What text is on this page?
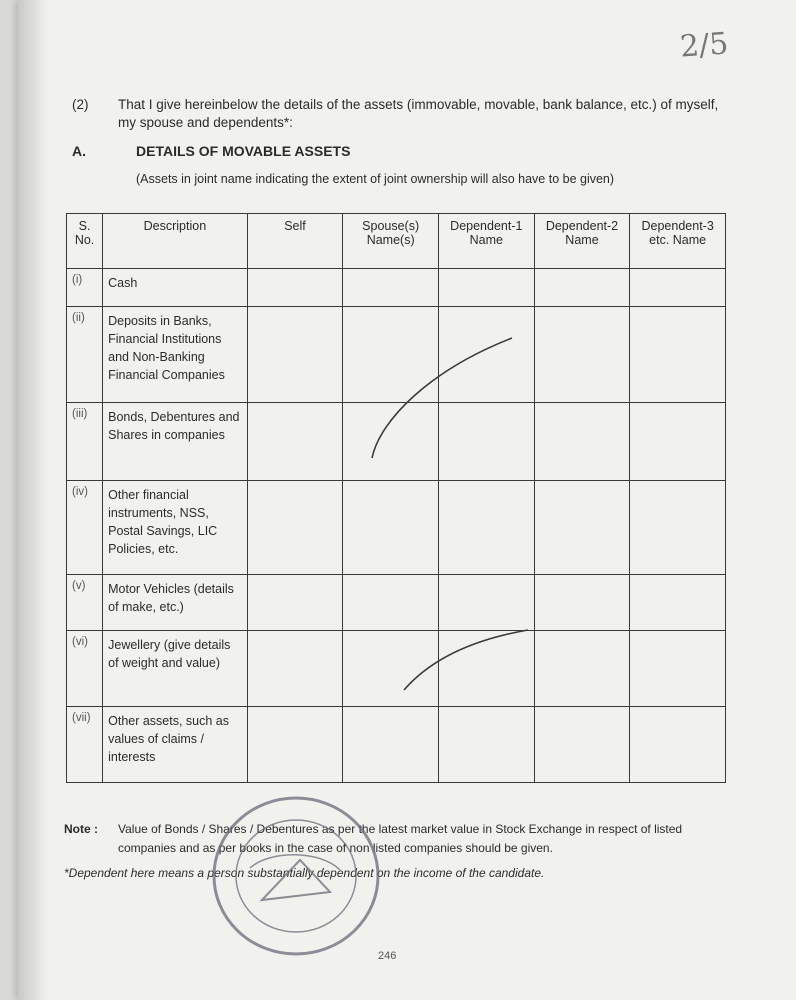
2/5
(2) That I give hereinbelow the details of the assets (immovable, movable, bank balance, etc.) of myself, my spouse and dependents*:
A.	DETAILS OF MOVABLE ASSETS
(Assets in joint name indicating the extent of joint ownership will also have to be given)
S. No.	Description	Self	Spouse(s) Name(s)	Dependent-1 Name	Dependent-2 Name	Dependent-3 etc. Name
(i)	Cash					
(ii)	Deposits in Banks, Financial Institutions and Non-Banking Financial Companies					
(iii)	Bonds, Debentures and Shares in companies					
(iv)	Other financial instruments, NSS, Postal Savings, LIC Policies, etc.					
(v)	Motor Vehicles (details of make, etc.)					
(vi)	Jewellery (give details of weight and value)					
(vii)	Other assets, such as values of claims / interests					
Note : Value of Bonds / Shares / Debentures as per the latest market value in Stock Exchange in respect of listed companies and as per books in the case of non listed companies should be given.
*Dependent here means a person substantially dependent on the income of the candidate.
246
